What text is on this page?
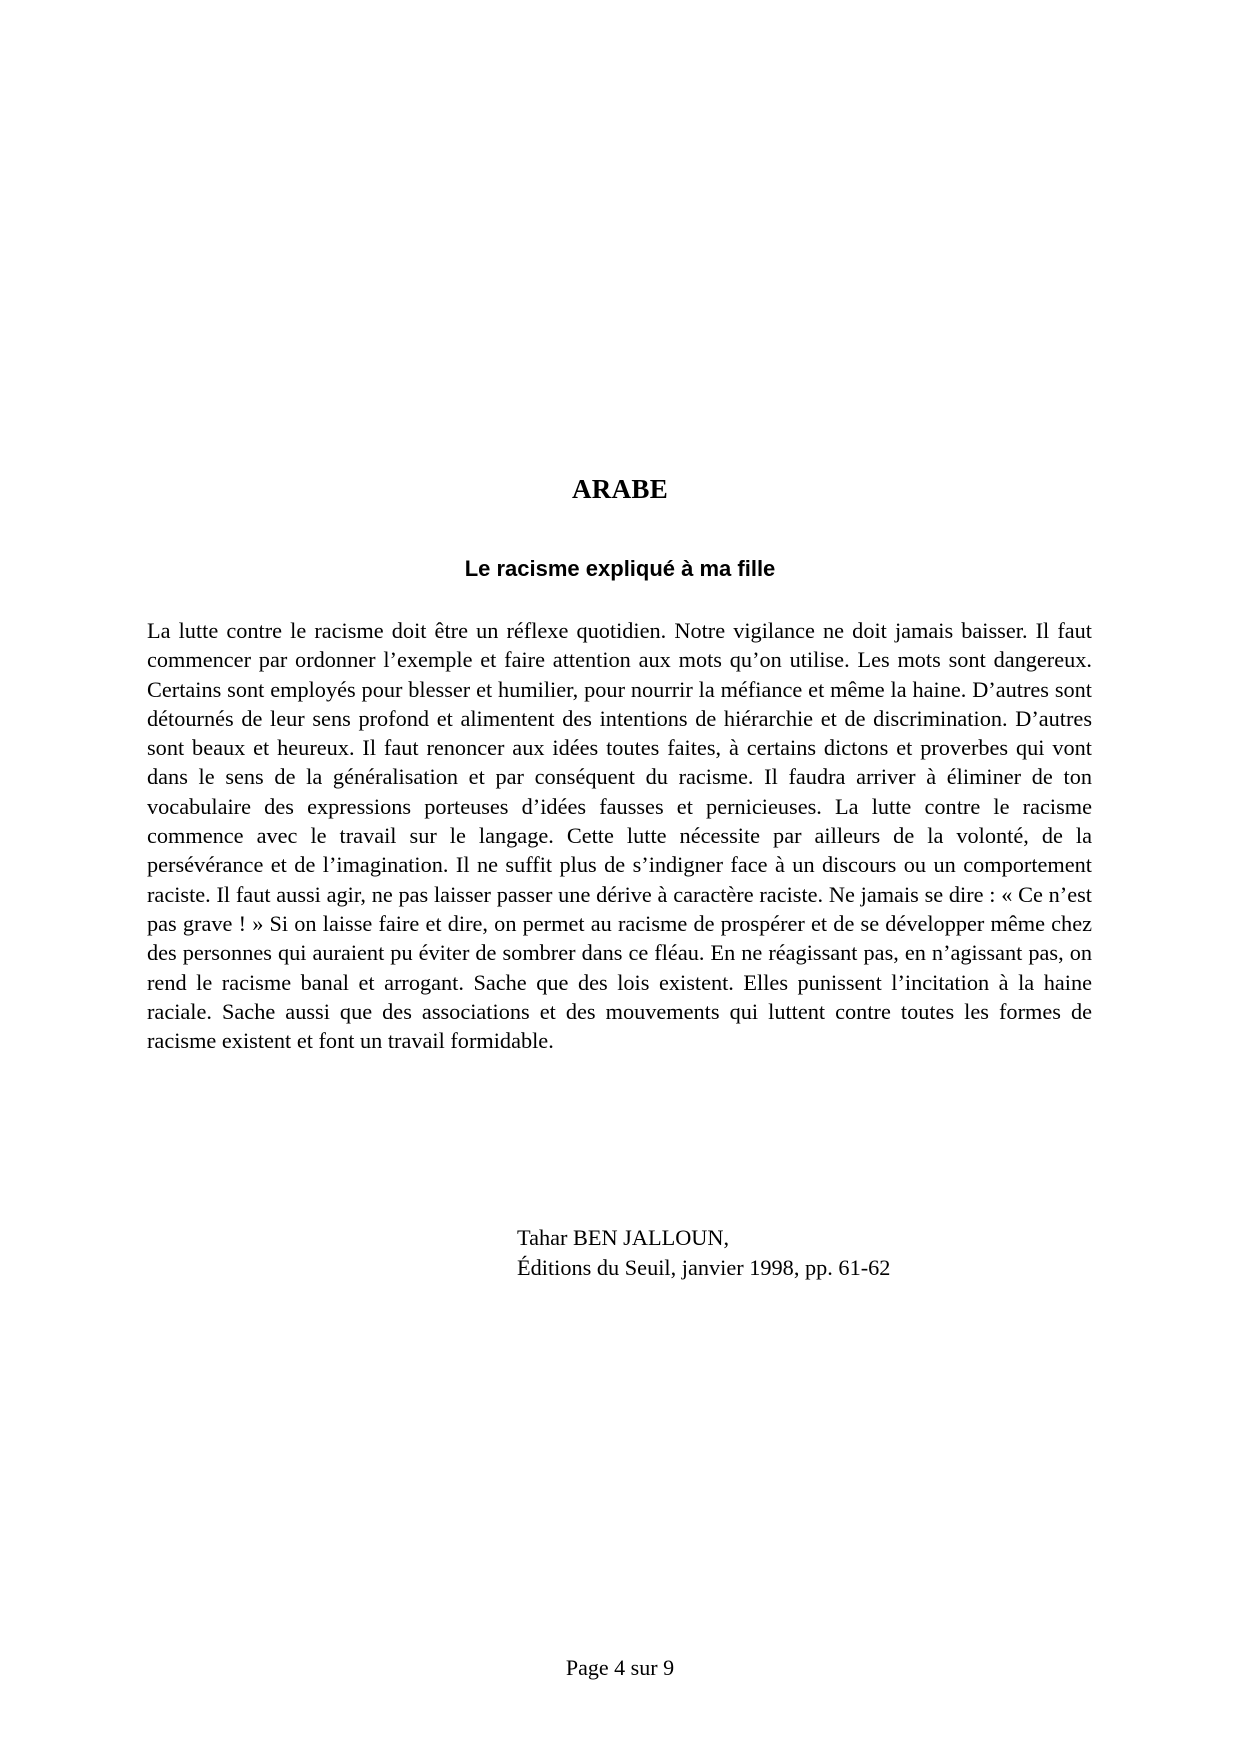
ARABE
Le racisme expliqué à ma fille

La lutte contre le racisme doit être un réflexe quotidien. Notre vigilance ne doit jamais baisser. Il faut commencer par ordonner l’exemple et faire attention aux mots qu’on utilise. Les mots sont dangereux. Certains sont employés pour blesser et humilier, pour nourrir la méfiance et même la haine. D’autres sont détournés de leur sens profond et alimentent des intentions de hiérarchie et de discrimination. D’autres sont beaux et heureux. Il faut renoncer aux idées toutes faites, à certains dictons et proverbes qui vont dans le sens de la généralisation et par conséquent du racisme. Il faudra arriver à éliminer de ton vocabulaire des expressions porteuses d’idées fausses et pernicieuses. La lutte contre le racisme commence avec le travail sur le langage. Cette lutte nécessite par ailleurs de la volonté, de la persévérance et de l’imagination. Il ne suffit plus de s’indigner face à un discours ou un comportement raciste. Il faut aussi agir, ne pas laisser passer une dérive à caractère raciste. Ne jamais se dire : « Ce n’est pas grave ! » Si on laisse faire et dire, on permet au racisme de prospérer et de se développer même chez des personnes qui auraient pu éviter de sombrer dans ce fléau. En ne réagissant pas, en n’agissant pas, on rend le racisme banal et arrogant. Sache que des lois existent. Elles punissent l’incitation à la haine raciale. Sache aussi que des associations et des mouvements qui luttent contre toutes les formes de racisme existent et font un travail formidable.

Tahar BEN JALLOUN,
Éditions du Seuil, janvier 1998, pp. 61-62
Page 4 sur 9
